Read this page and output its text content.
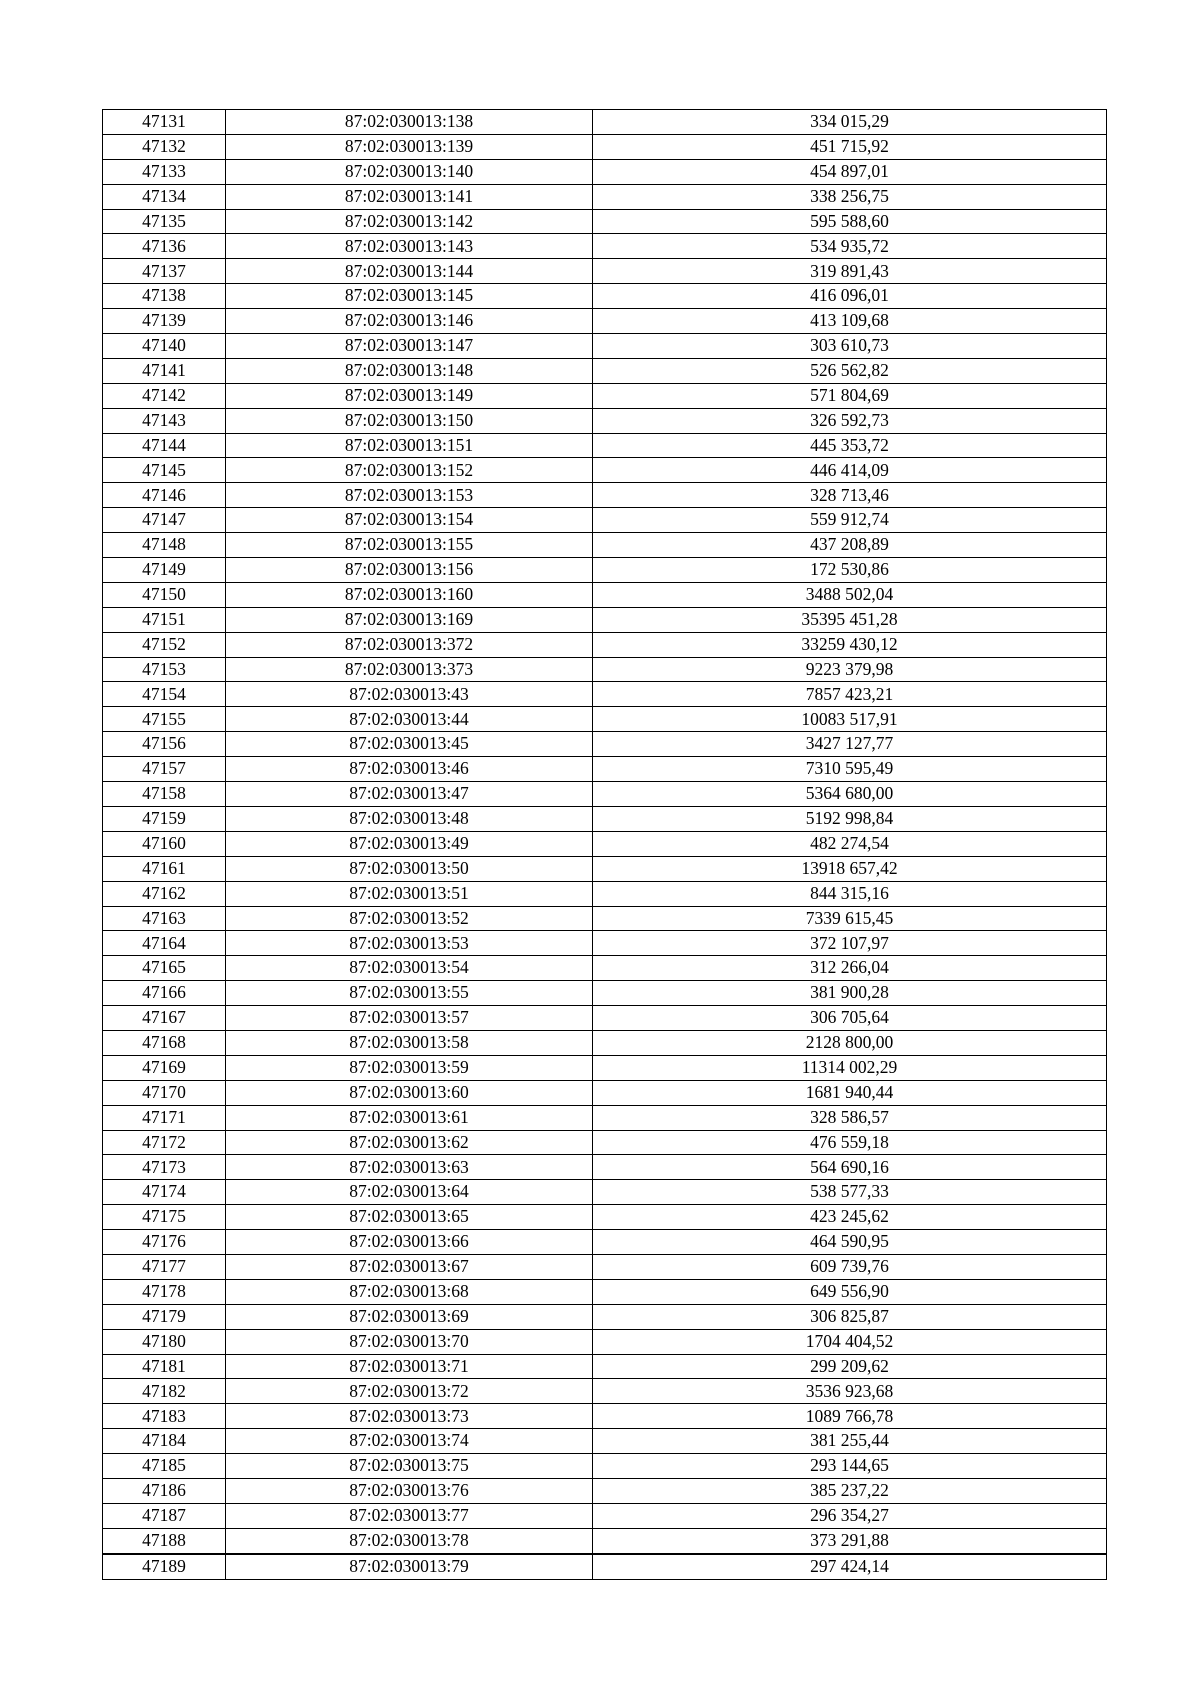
47131	87:02:030013:138	334 015,29
47132	87:02:030013:139	451 715,92
47133	87:02:030013:140	454 897,01
47134	87:02:030013:141	338 256,75
47135	87:02:030013:142	595 588,60
47136	87:02:030013:143	534 935,72
47137	87:02:030013:144	319 891,43
47138	87:02:030013:145	416 096,01
47139	87:02:030013:146	413 109,68
47140	87:02:030013:147	303 610,73
47141	87:02:030013:148	526 562,82
47142	87:02:030013:149	571 804,69
47143	87:02:030013:150	326 592,73
47144	87:02:030013:151	445 353,72
47145	87:02:030013:152	446 414,09
47146	87:02:030013:153	328 713,46
47147	87:02:030013:154	559 912,74
47148	87:02:030013:155	437 208,89
47149	87:02:030013:156	172 530,86
47150	87:02:030013:160	3488 502,04
47151	87:02:030013:169	35395 451,28
47152	87:02:030013:372	33259 430,12
47153	87:02:030013:373	9223 379,98
47154	87:02:030013:43	7857 423,21
47155	87:02:030013:44	10083 517,91
47156	87:02:030013:45	3427 127,77
47157	87:02:030013:46	7310 595,49
47158	87:02:030013:47	5364 680,00
47159	87:02:030013:48	5192 998,84
47160	87:02:030013:49	482 274,54
47161	87:02:030013:50	13918 657,42
47162	87:02:030013:51	844 315,16
47163	87:02:030013:52	7339 615,45
47164	87:02:030013:53	372 107,97
47165	87:02:030013:54	312 266,04
47166	87:02:030013:55	381 900,28
47167	87:02:030013:57	306 705,64
47168	87:02:030013:58	2128 800,00
47169	87:02:030013:59	11314 002,29
47170	87:02:030013:60	1681 940,44
47171	87:02:030013:61	328 586,57
47172	87:02:030013:62	476 559,18
47173	87:02:030013:63	564 690,16
47174	87:02:030013:64	538 577,33
47175	87:02:030013:65	423 245,62
47176	87:02:030013:66	464 590,95
47177	87:02:030013:67	609 739,76
47178	87:02:030013:68	649 556,90
47179	87:02:030013:69	306 825,87
47180	87:02:030013:70	1704 404,52
47181	87:02:030013:71	299 209,62
47182	87:02:030013:72	3536 923,68
47183	87:02:030013:73	1089 766,78
47184	87:02:030013:74	381 255,44
47185	87:02:030013:75	293 144,65
47186	87:02:030013:76	385 237,22
47187	87:02:030013:77	296 354,27
47188	87:02:030013:78	373 291,88
47189	87:02:030013:79	297 424,14
